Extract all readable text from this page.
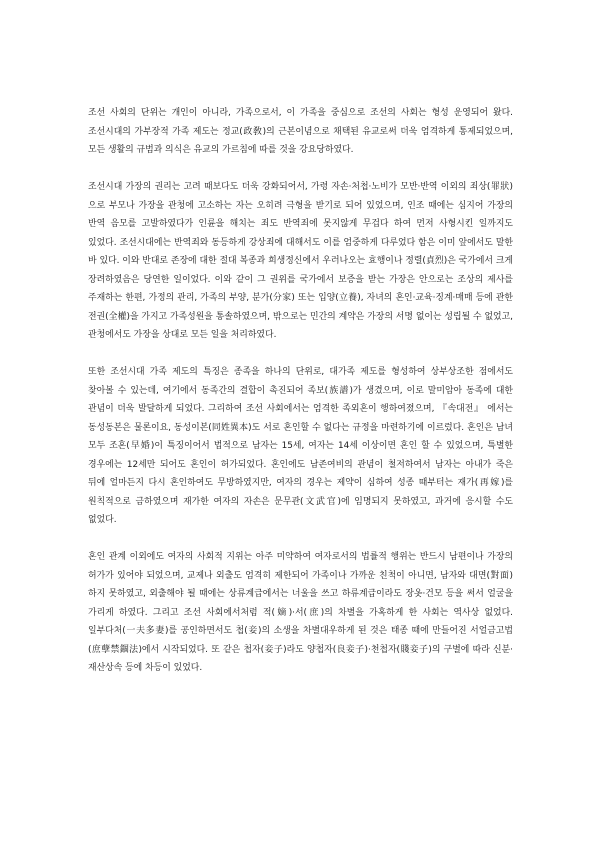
조선 사회의 단위는 개인이 아니라, 가족으로서, 이 가족을 중심으로 조선의 사회는 형성 운영되어 왔다. 조선시대의 가부장적 가족 제도는 정교(政敎)의 근본이념으로 채택된 유교로써 더욱 엄격하게 통제되었으며, 모든 생활의 규범과 의식은 유교의 가르침에 따를 것을 강요당하였다.

조선시대 가장의 권리는 고려 때보다도 더욱 강화되어서, 가령 자손·처첩·노비가 모반·반역 이외의 죄상(罪狀)으로 부모나 가장을 관청에 고소하는 자는 오히려 극형을 받기로 되어 있었으며, 인조 때에는 심지어 가장의 반역 음모를 고발하였다가 인륜을 해치는 죄도 반역죄에 못지않게 무겁다 하여 먼저 사형시킨 일까지도 있었다. 조선시대에는 반역죄와 동등하게 강상죄에 대해서도 이를 엄중하게 다루었다 함은 이미 앞에서도 말한 바 있다. 이와 반대로 존장에 대한 절대 복종과 희생정신에서 우러나오는 효행이나 정렬(貞烈)은 국가에서 크게 장려하였음은 당연한 일이었다. 이와 같이 그 권위를 국가에서 보증을 받는 가장은 안으로는 조상의 제사를 주재하는 한편, 가정의 관리, 가족의 부양, 분가(分家) 또는 입양(立養), 자녀의 혼인·교육·징계·매매 등에 관한 전권(全權)을 가지고 가족성원을 통솔하였으며, 밖으로는 민간의 계약은 가장의 서명 없이는 성립될 수 없었고, 관청에서도 가장을 상대로 모든 일을 처리하였다.

또한 조선시대 가족 제도의 특징은 종족을 하나의 단위로, 대가족 제도를 형성하여 상부상조한 점에서도 찾아볼 수 있는데, 여기에서 동족간의 결합이 촉진되어 족보(族譜)가 생겼으며, 이로 말미암아 동족에 대한 관념이 더욱 발달하게 되었다. 그리하여 조선 사회에서는 엄격한 족외혼이 행하여졌으며, 『속대전』 에서는 동성동본은 물론이요, 동성이본(同姓異本)도 서로 혼인할 수 없다는 규정을 마련하기에 이르렀다. 혼인은 남녀 모두 조혼(早婚)이 특징이어서 법적으로 남자는 15세, 여자는 14세 이상이면 혼인 할 수 있었으며, 특별한 경우에는 12세만 되어도 혼인이 허가되었다. 혼인에도 남존여비의 관념이 철저하여서 남자는 아내가 죽은 뒤에 얼마든지 다시 혼인하여도 무방하였지만, 여자의 경우는 제약이 심하여 성종 때부터는 재가(再嫁)를 원칙적으로 금하였으며 재가한 여자의 자손은 문무관(文武官)에 임명되지 못하였고, 과거에 응시할 수도 없었다.

혼인 관계 이외에도 여자의 사회적 지위는 아주 미약하여 여자로서의 법률적 행위는 반드시 남편이나 가장의 허가가 있어야 되었으며, 교제나 외출도 엄격히 제한되어 가족이나 가까운 친척이 아니면, 남자와 대면(對面)하지 못하였고, 외출해야 될 때에는 상류계급에서는 너울을 쓰고 하류계급이라도 장옷·건모 등을 써서 얼굴을 가리게 하였다. 그리고 조선 사회에서처럼 적(嫡)·서(庶)의 차별을 가혹하게 한 사회는 역사상 없었다. 일부다처(一夫多妻)를 공인하면서도 첩(妾)의 소생을 차별대우하게 된 것은 태종 때에 만들어진 서얼금고법(庶孽禁錮法)에서 시작되었다. 또 같은 첩자(妾子)라도 양첩자(良妾子)·천첩자(賤妾子)의 구별에 따라 신분·재산상속 등에 차등이 있었다.
